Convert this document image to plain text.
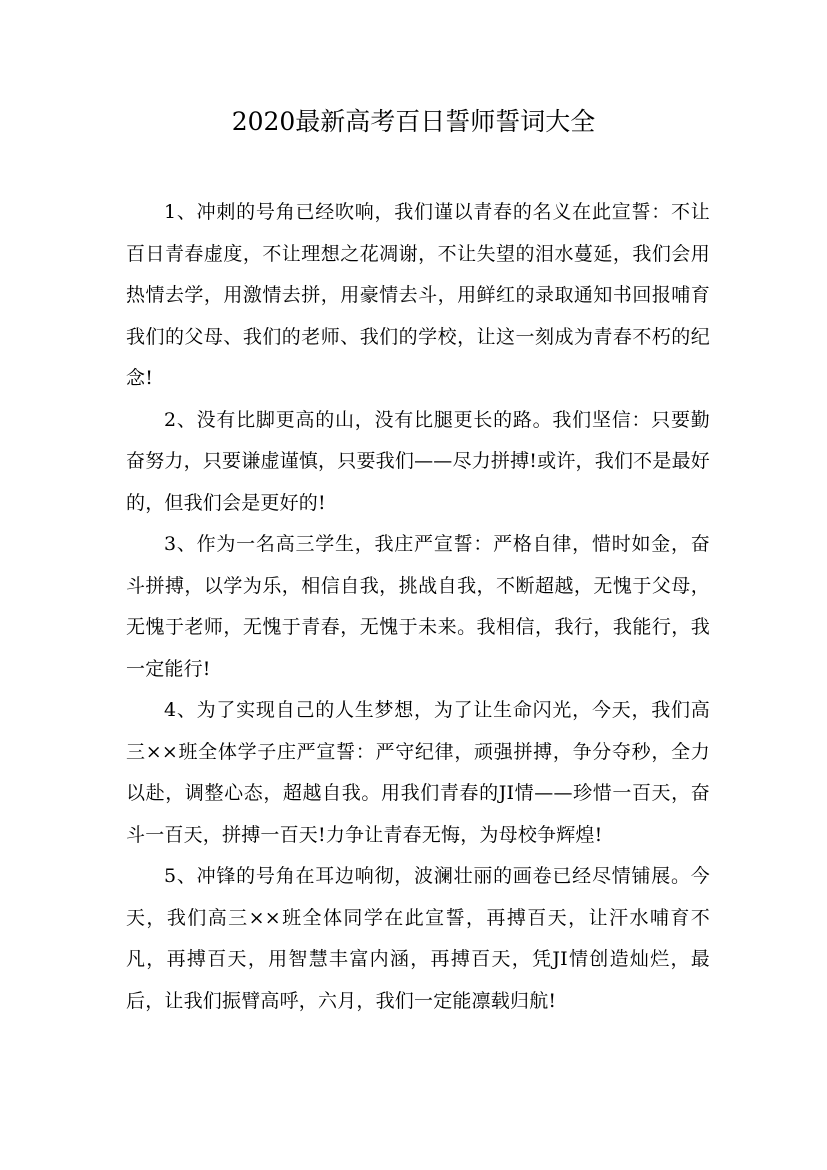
2020最新高考百日誓师誓词大全

1、冲刺的号角已经吹响，我们谨以青春的名义在此宣誓：不让百日青春虚度，不让理想之花凋谢，不让失望的泪水蔓延，我们会用热情去学，用激情去拼，用豪情去斗，用鲜红的录取通知书回报哺育我们的父母、我们的老师、我们的学校，让这一刻成为青春不朽的纪念!

2、没有比脚更高的山，没有比腿更长的路。我们坚信：只要勤奋努力，只要谦虚谨慎，只要我们——尽力拼搏!或许，我们不是最好的，但我们会是更好的!

3、作为一名高三学生，我庄严宣誓：严格自律，惜时如金，奋斗拼搏，以学为乐，相信自我，挑战自我，不断超越，无愧于父母，无愧于老师，无愧于青春，无愧于未来。我相信，我行，我能行，我一定能行!

4、为了实现自己的人生梦想，为了让生命闪光，今天，我们高三××班全体学子庄严宣誓：严守纪律，顽强拼搏，争分夺秒，全力以赴，调整心态，超越自我。用我们青春的JI情——珍惜一百天，奋斗一百天，拼搏一百天!力争让青春无悔，为母校争辉煌!

5、冲锋的号角在耳边响彻，波澜壮丽的画卷已经尽情铺展。今天，我们高三××班全体同学在此宣誓，再搏百天，让汗水哺育不凡，再搏百天，用智慧丰富内涵，再搏百天，凭JI情创造灿烂，最后，让我们振臂高呼，六月，我们一定能凛载归航!
